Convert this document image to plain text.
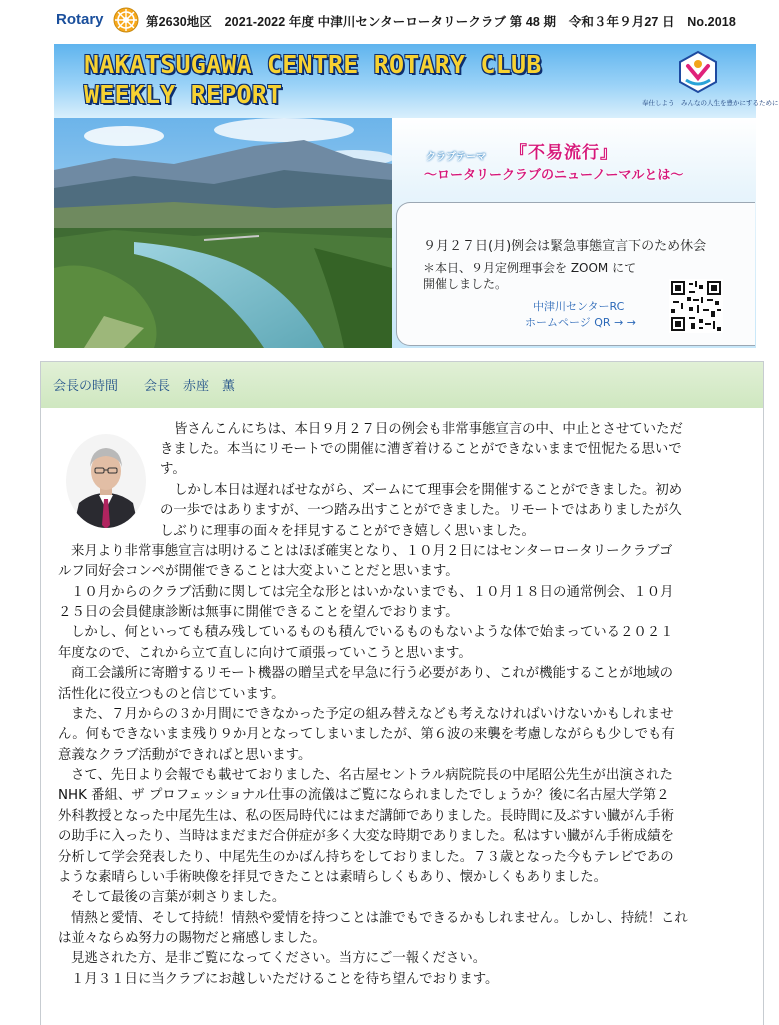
Rotary	第2630地区　2021-2022 年度 中津川センターロータリークラブ 第 48 期　令和３年９月27 日　No.2018
NAKATSUGAWA CENTRE ROTARY CLUB
WEEKLY REPORT	奉仕しよう　みんなの人生を豊かにするために
クラブテーマ 『不易流行』
～ロータリークラブのニューノーマルとは～
９月２７日(月)例会は緊急事態宣言下のため休会
＊本日、９月定例理事会を ZOOM にて
開催しました。
中津川センターRC
ホームページ QR → →
会長の時間　　会長　赤座　薫
皆さんこんにちは、本日９月２７日の例会も非常事態宣言の中、中止とさせていただ
きました。本当にリモートでの開催に漕ぎ着けることができないままで忸怩たる思いで
す。
しかし本日は遅ればせながら、ズームにて理事会を開催することができました。初め
の一歩ではありますが、一つ踏み出すことができました。リモートではありましたが久
しぶりに理事の面々を拝見することができ嬉しく思いました。
来月より非常事態宣言は明けることはほぼ確実となり、１０月２日にはセンターロータリークラブゴ
ルフ同好会コンペが開催できることは大変よいことだと思います。
１０月からのクラブ活動に関しては完全な形とはいかないまでも、１０月１８日の通常例会、１０月
２５日の会員健康診断は無事に開催できることを望んでおります。
しかし、何といっても積み残しているものも積んでいるものもないような体で始まっている２０２１
年度なので、これから立て直しに向けて頑張っていこうと思います。
商工会議所に寄贈するリモート機器の贈呈式を早急に行う必要があり、これが機能することが地域の
活性化に役立つものと信じています。
また、７月からの３か月間にできなかった予定の組み替えなども考えなければいけないかもしれませ
ん。何もできないまま残り９か月となってしまいましたが、第６波の来襲を考慮しながらも少しでも有
意義なクラブ活動ができればと思います。
さて、先日より会報でも載せておりました、名古屋セントラル病院院長の中尾昭公先生が出演された
NHK 番組、ザ プロフェッショナル仕事の流儀はご覧になられましたでしょうか？後に名古屋大学第２
外科教授となった中尾先生は、私の医局時代にはまだ講師でありました。長時間に及ぶすい臓がん手術
の助手に入ったり、当時はまだまだ合併症が多く大変な時期でありました。私はすい臓がん手術成績を
分析して学会発表したり、中尾先生のかばん持ちをしておりました。７３歳となった今もテレビであの
ような素晴らしい手術映像を拝見できたことは素晴らしくもあり、懐かしくもありました。
そして最後の言葉が刺さりました。
情熱と愛情、そして持続！情熱や愛情を持つことは誰でもできるかもしれません。しかし、持続！これ
は並々ならぬ努力の賜物だと痛感しました。
見逃された方、是非ご覧になってください。当方にご一報ください。
１月３１日に当クラブにお越しいただけることを待ち望んでおります。
